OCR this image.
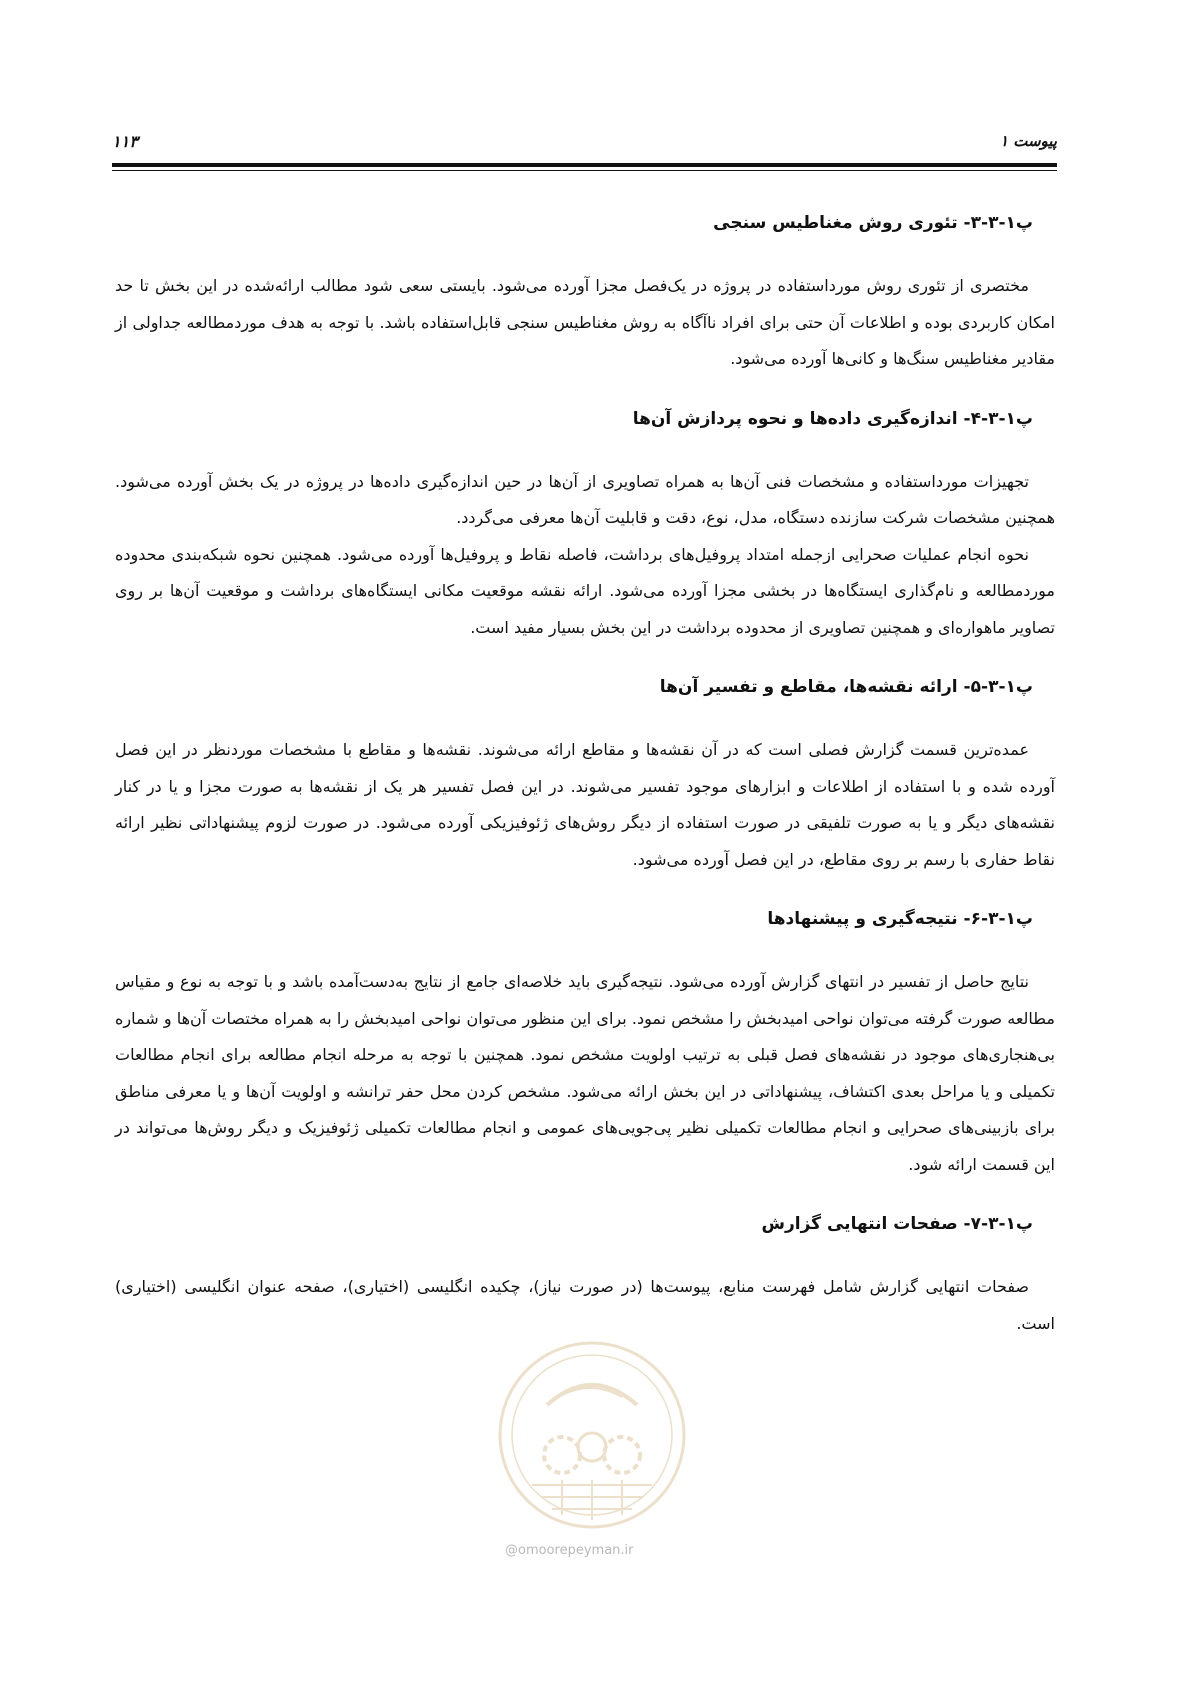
پیوست ۱
۱۱۳
پ۱-۳-۳- تئوری روش مغناطیس سنجی

مختصری از تئوری روش مورداستفاده در پروژه در یک‌فصل مجزا آورده می‌شود. بایستی سعی شود مطالب ارائه‌شده در این بخش تا حد امکان کاربردی بوده و اطلاعات آن حتی برای افراد ناآگاه به روش مغناطیس سنجی قابل‌استفاده باشد. با توجه به هدف موردمطالعه جداولی از مقادیر مغناطیس سنگ‌ها و کانی‌ها آورده می‌شود.

پ۱-۳-۴- اندازه‌گیری داده‌ها و نحوه پردازش آن‌ها

تجهیزات مورداستفاده و مشخصات فنی آن‌ها به همراه تصاویری از آن‌ها در حین اندازه‌گیری داده‌ها در پروژه در یک بخش آورده می‌شود. همچنین مشخصات شرکت سازنده دستگاه، مدل، نوع، دقت و قابلیت آن‌ها معرفی می‌گردد.

نحوه انجام عملیات صحرایی ازجمله امتداد پروفیل‌های برداشت، فاصله نقاط و پروفیل‌ها آورده می‌شود. همچنین نحوه شبکه‌بندی محدوده موردمطالعه و نام‌گذاری ایستگاه‌ها در بخشی مجزا آورده می‌شود. ارائه نقشه موقعیت مکانی ایستگاه‌های برداشت و موقعیت آن‌ها بر روی تصاویر ماهواره‌ای و همچنین تصاویری از محدوده برداشت در این بخش بسیار مفید است.

پ۱-۳-۵- ارائه نقشه‌ها، مقاطع و تفسیر آن‌ها

عمده‌ترین قسمت گزارش فصلی است که در آن نقشه‌ها و مقاطع ارائه می‌شوند. نقشه‌ها و مقاطع با مشخصات موردنظر در این فصل آورده شده و با استفاده از اطلاعات و ابزارهای موجود تفسیر می‌شوند. در این فصل تفسیر هر یک از نقشه‌ها به صورت مجزا و یا در کنار نقشه‌های دیگر و یا به صورت تلفیقی در صورت استفاده از دیگر روش‌های ژئوفیزیکی آورده می‌شود. در صورت لزوم پیشنهاداتی نظیر ارائه نقاط حفاری با رسم بر روی مقاطع، در این فصل آورده می‌شود.

پ۱-۳-۶- نتیجه‌گیری و پیشنهادها

نتایج حاصل از تفسیر در انتهای گزارش آورده می‌شود. نتیجه‌گیری باید خلاصه‌ای جامع از نتایج به‌دست‌آمده باشد و با توجه به نوع و مقیاس مطالعه صورت گرفته می‌توان نواحی امیدبخش را مشخص نمود. برای این منظور می‌توان نواحی امیدبخش را به همراه مختصات آن‌ها و شماره بی‌هنجاری‌های موجود در نقشه‌های فصل قبلی به ترتیب اولویت مشخص نمود. همچنین با توجه به مرحله انجام مطالعه برای انجام مطالعات تکمیلی و یا مراحل بعدی اکتشاف، پیشنهاداتی در این بخش ارائه می‌شود. مشخص کردن محل حفر ترانشه و اولویت آن‌ها و یا معرفی مناطق برای بازبینی‌های صحرایی و انجام مطالعات تکمیلی نظیر پی‌جویی‌های عمومی و انجام مطالعات تکمیلی ژئوفیزیک و دیگر روش‌ها می‌تواند در این قسمت ارائه شود.

پ۱-۳-۷- صفحات انتهایی گزارش

صفحات انتهایی گزارش شامل فهرست منابع، پیوست‌ها (در صورت نیاز)، چکیده انگلیسی (اختیاری)، صفحه عنوان انگلیسی (اختیاری) است.

@omoorepeyman.ir
